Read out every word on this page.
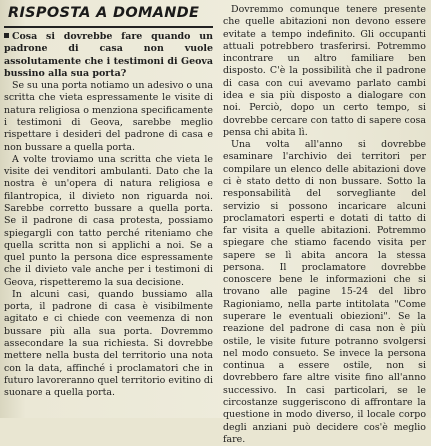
RISPOSTA A DOMANDE

Cosa si dovrebbe fare quando un padrone di casa non vuole assolutamente che i testimoni di Geova bussino alla sua porta?

Se su una porta notiamo un adesivo o una scritta che vieta espressamente le visite di natura religiosa o menziona specificamente i testimoni di Geova, sarebbe meglio rispettare i desideri del padrone di casa e non bussare a quella porta.

A volte troviamo una scritta che vieta le visite dei venditori ambulanti. Dato che la nostra è un'opera di natura religiosa e filantropica, il divieto non riguarda noi. Sarebbe corretto bussare a quella porta. Se il padrone di casa protesta, possiamo spiegargli con tatto perché riteniamo che quella scritta non si applichi a noi. Se a quel punto la persona dice espressamente che il divieto vale anche per i testimoni di Geova, rispetteremo la sua decisione.

In alcuni casi, quando bussiamo alla porta, il padrone di casa è visibilmente agitato e ci chiede con veemenza di non bussare più alla sua porta. Dovremmo assecondare la sua richiesta. Si dovrebbe mettere nella busta del territorio una nota con la data, affinché i proclamatori che in futuro lavoreranno quel territorio evitino di suonare a quella porta.

Dovremmo comunque tenere presente che quelle abitazioni non devono essere evitate a tempo indefinito. Gli occupanti attuali potrebbero trasferirsi. Potremmo incontrare un altro familiare ben disposto. C'è la possibilità che il padrone di casa con cui avevamo parlato cambi idea e sia più disposto a dialogare con noi. Perciò, dopo un certo tempo, si dovrebbe cercare con tatto di sapere cosa pensa chi abita lì.

Una volta all'anno si dovrebbe esaminare l'archivio dei territori per compilare un elenco delle abitazioni dove ci è stato detto di non bussare. Sotto la responsabilità del sorvegliante del servizio si possono incaricare alcuni proclamatori esperti e dotati di tatto di far visita a quelle abitazioni. Potremmo spiegare che stiamo facendo visita per sapere se lì abita ancora la stessa persona. Il proclamatore dovrebbe conoscere bene le informazioni che si trovano alle pagine 15-24 del libro Ragioniamo, nella parte intitolata "Come superare le eventuali obiezioni". Se la reazione del padrone di casa non è più ostile, le visite future potranno svolgersi nel modo consueto. Se invece la persona continua a essere ostile, non si dovrebbero fare altre visite fino all'anno successivo. In casi particolari, se le circostanze suggeriscono di affrontare la questione in modo diverso, il locale corpo degli anziani può decidere cos'è meglio fare.
